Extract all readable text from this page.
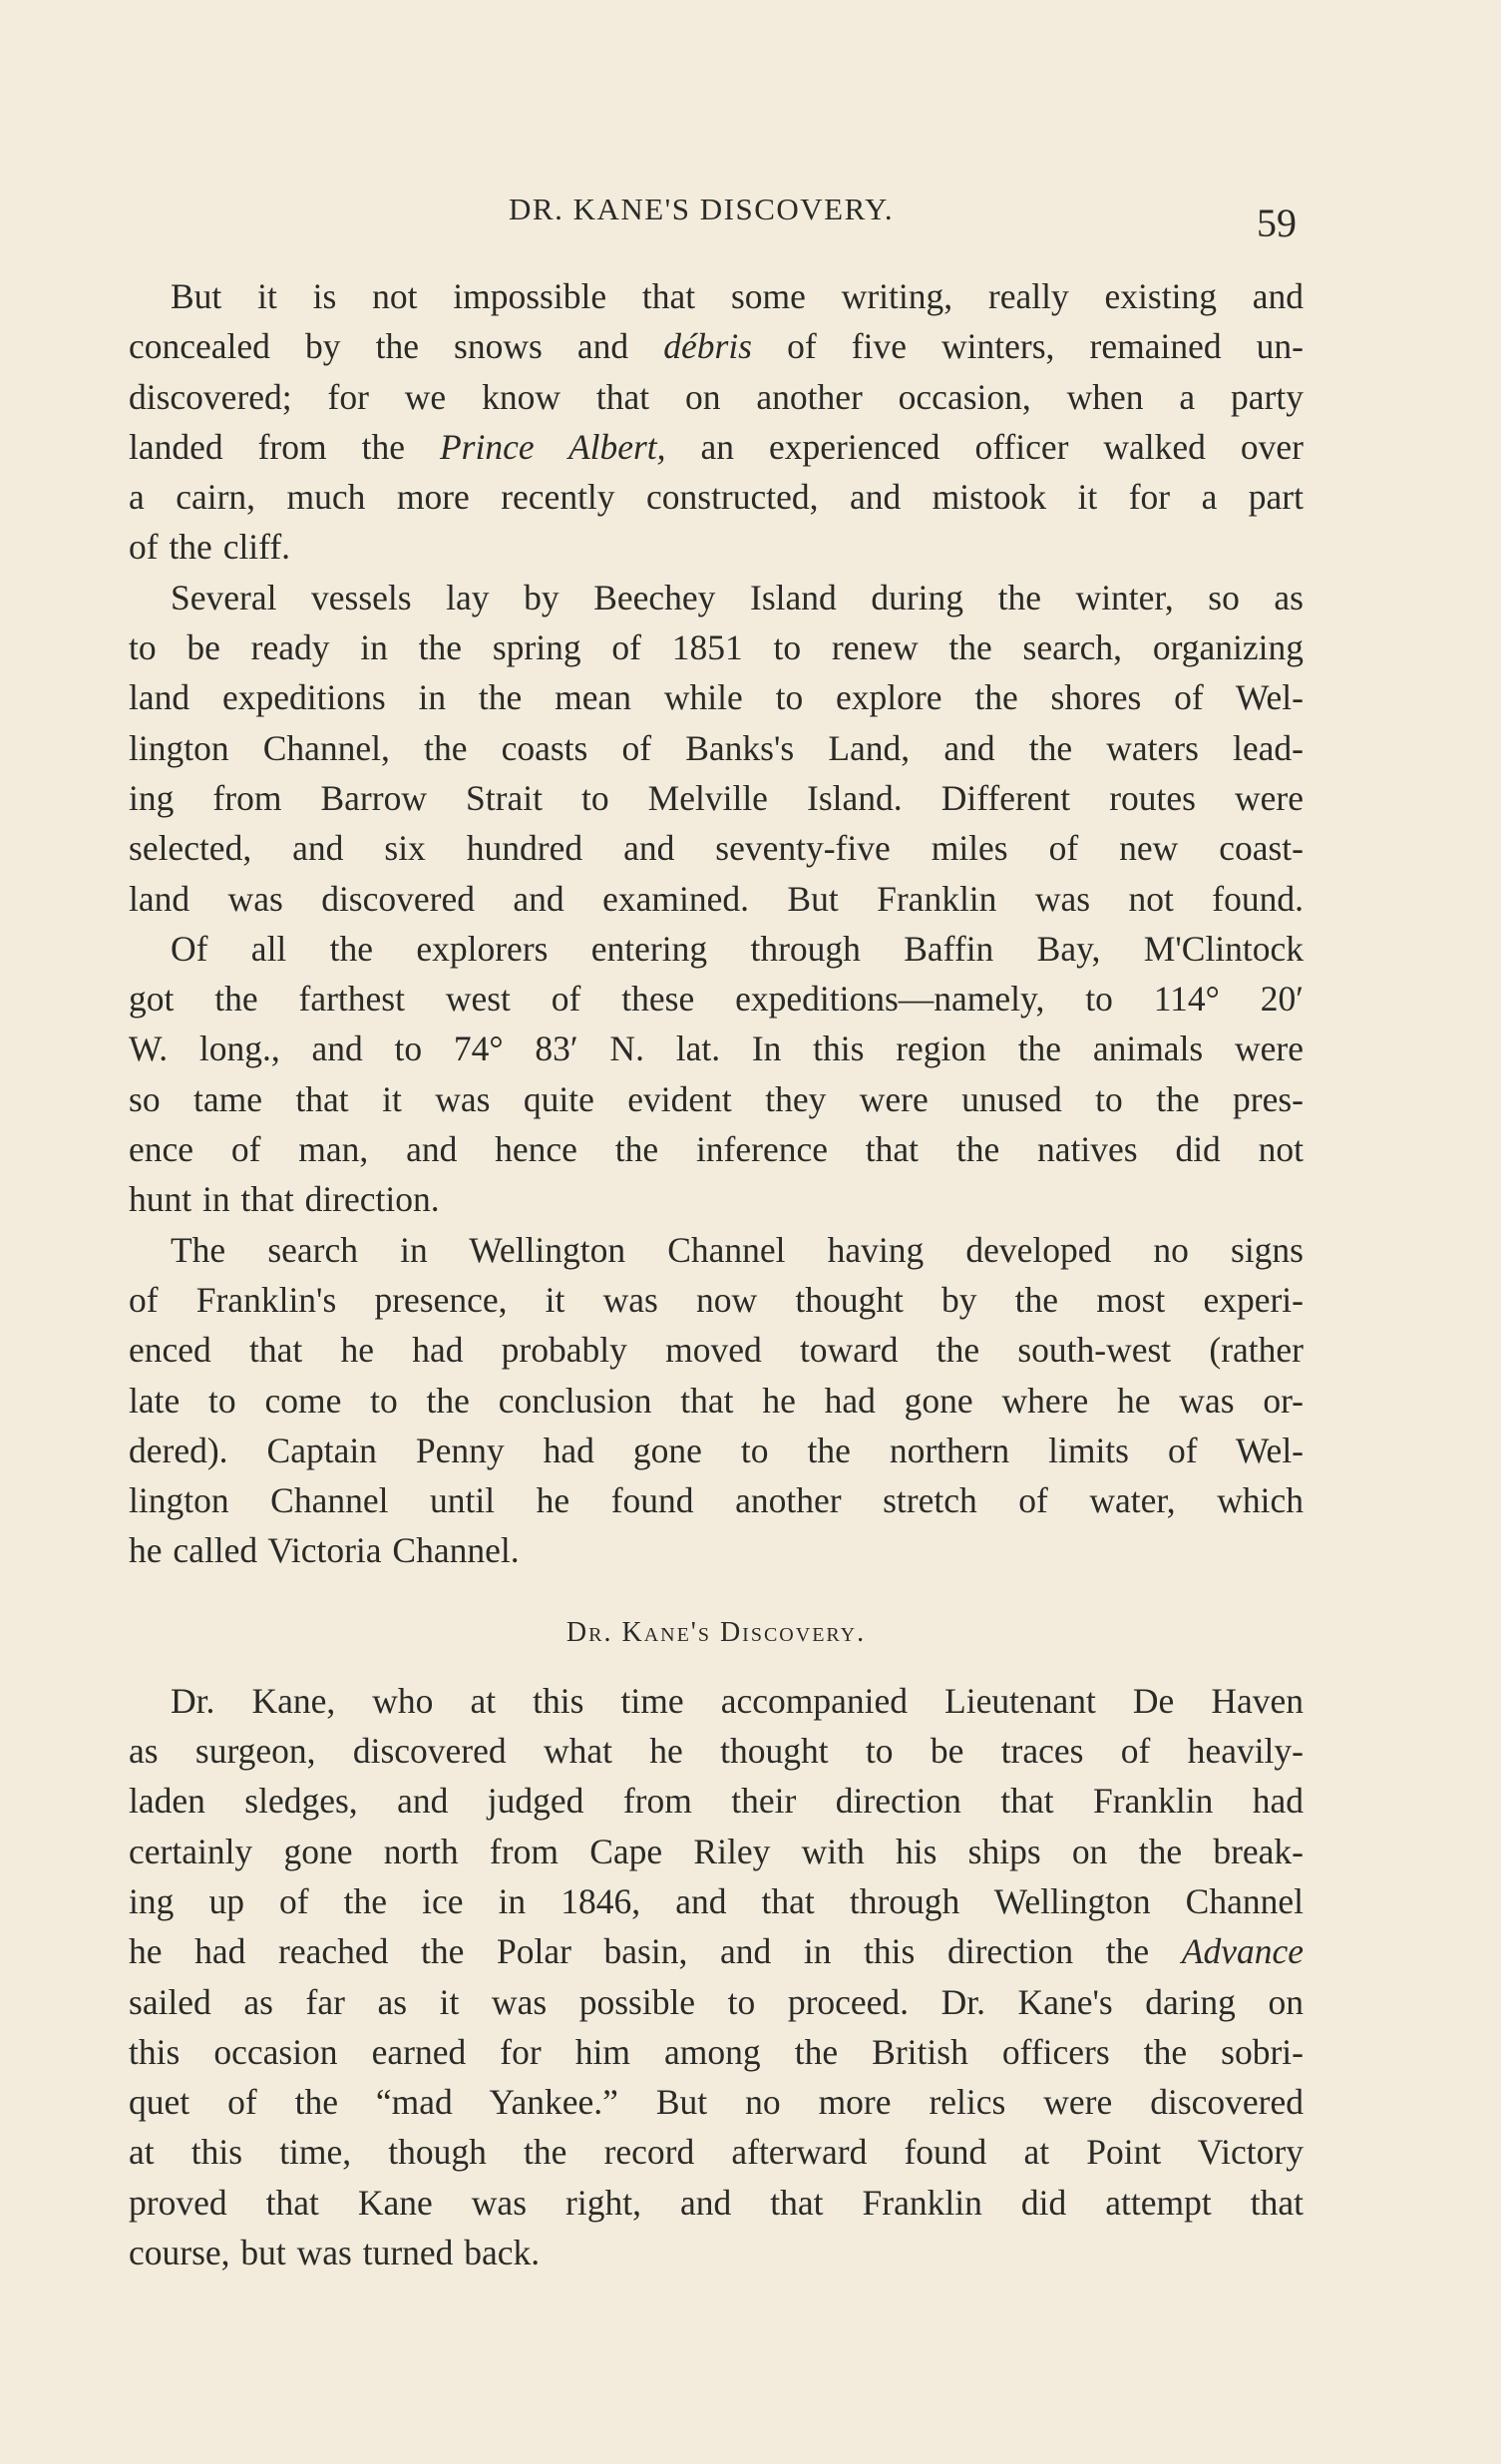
DR. KANE'S DISCOVERY.	59
But it is not impossible that some writing, really existing and
concealed by the snows and débris of five winters, remained un-
discovered; for we know that on another occasion, when a party
landed from the Prince Albert, an experienced officer walked over
a cairn, much more recently constructed, and mistook it for a part
of the cliff.
Several vessels lay by Beechey Island during the winter, so as
to be ready in the spring of 1851 to renew the search, organizing
land expeditions in the mean while to explore the shores of Wel-
lington Channel, the coasts of Banks's Land, and the waters lead-
ing from Barrow Strait to Melville Island. Different routes were
selected, and six hundred and seventy-five miles of new coast-
land was discovered and examined. But Franklin was not found.
Of all the explorers entering through Baffin Bay, M'Clintock
got the farthest west of these expeditions—namely, to 114° 20′
W. long., and to 74° 83′ N. lat. In this region the animals were
so tame that it was quite evident they were unused to the pres-
ence of man, and hence the inference that the natives did not
hunt in that direction.
The search in Wellington Channel having developed no signs
of Franklin's presence, it was now thought by the most experi-
enced that he had probably moved toward the south-west (rather
late to come to the conclusion that he had gone where he was or-
dered). Captain Penny had gone to the northern limits of Wel-
lington Channel until he found another stretch of water, which
he called Victoria Channel.
Dr. Kane's Discovery.
Dr. Kane, who at this time accompanied Lieutenant De Haven
as surgeon, discovered what he thought to be traces of heavily-
laden sledges, and judged from their direction that Franklin had
certainly gone north from Cape Riley with his ships on the break-
ing up of the ice in 1846, and that through Wellington Channel
he had reached the Polar basin, and in this direction the Advance
sailed as far as it was possible to proceed. Dr. Kane's daring on
this occasion earned for him among the British officers the sobri-
quet of the “mad Yankee.” But no more relics were discovered
at this time, though the record afterward found at Point Victory
proved that Kane was right, and that Franklin did attempt that
course, but was turned back.
